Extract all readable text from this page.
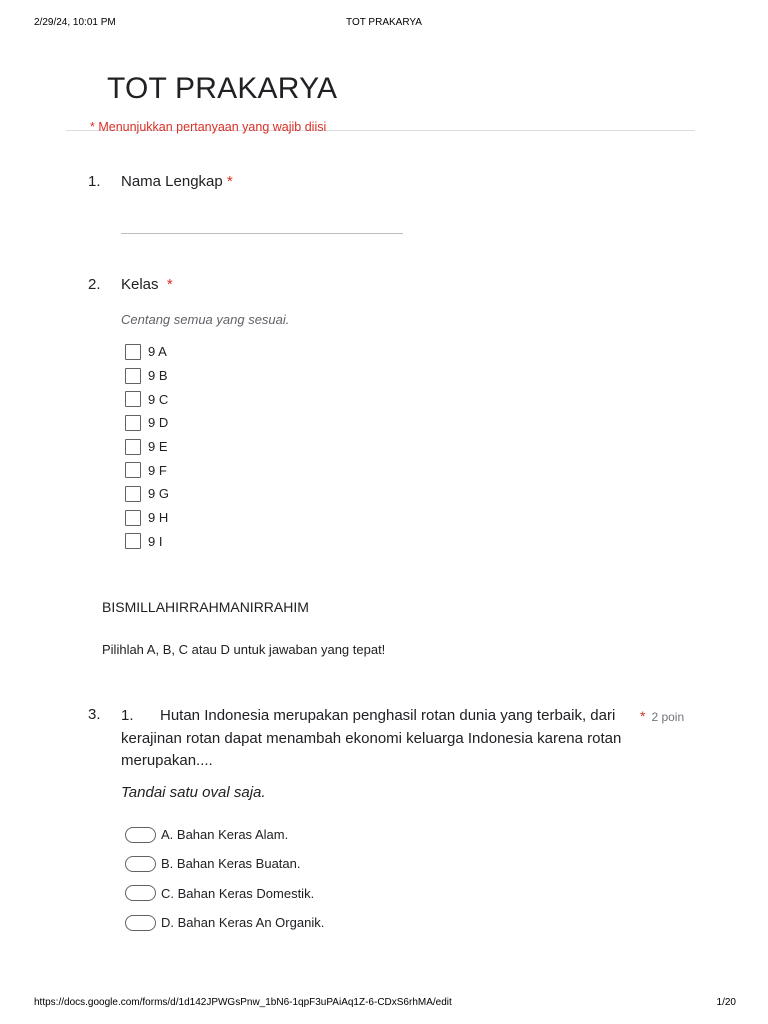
2/29/24, 10:01 PM	TOT PRAKARYA
TOT PRAKARYA
* Menunjukkan pertanyaan yang wajib diisi
1. Nama Lengkap *
2. Kelas *
Centang semua yang sesuai.
9 A
9 B
9 C
9 D
9 E
9 F
9 G
9 H
9 I
BISMILLAHIRRAHMANIRRAHIM
Pilihlah A, B, C atau D untuk jawaban yang tepat!
3. 1. Hutan Indonesia merupakan penghasil rotan dunia yang terbaik, dari kerajinan rotan dapat menambah ekonomi keluarga Indonesia karena rotan merupakan....
* 2 poin
Tandai satu oval saja.
A. Bahan Keras Alam.
B. Bahan Keras Buatan.
C. Bahan Keras Domestik.
D. Bahan Keras An Organik.
https://docs.google.com/forms/d/1d142JPWGsPnw_1bN6-1qpF3uPAiAq1Z-6-CDxS6rhMA/edit	1/20
